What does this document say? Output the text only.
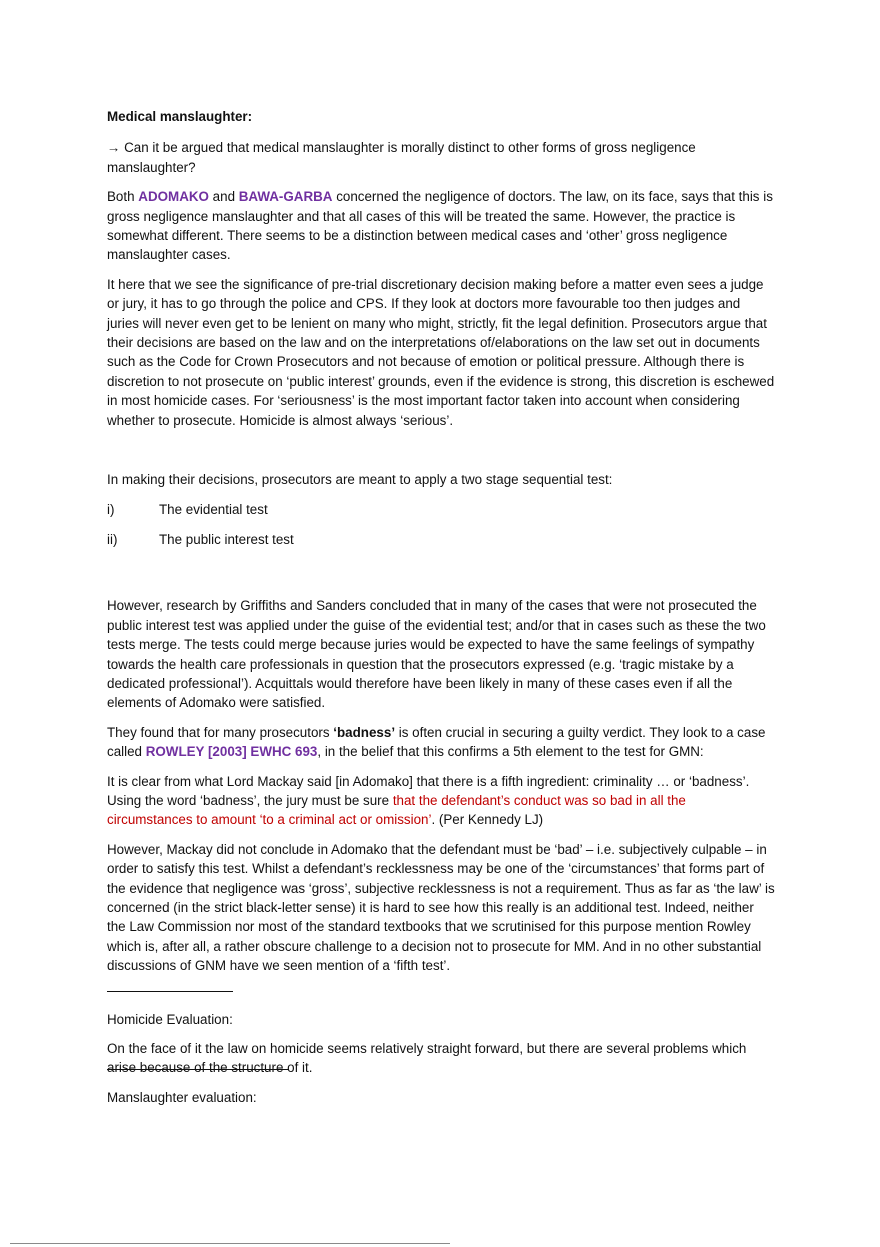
Medical manslaughter:

→ Can it be argued that medical manslaughter is morally distinct to other forms of gross negligence manslaughter?

Both ADOMAKO and BAWA-GARBA concerned the negligence of doctors. The law, on its face, says that this is gross negligence manslaughter and that all cases of this will be treated the same. However, the practice is somewhat different. There seems to be a distinction between medical cases and ‘other’ gross negligence manslaughter cases.

It here that we see the significance of pre-trial discretionary decision making before a matter even sees a judge or jury, it has to go through the police and CPS. If they look at doctors more favourable too then judges and juries will never even get to be lenient on many who might, strictly, fit the legal definition. Prosecutors argue that their decisions are based on the law and on the interpretations of/elaborations on the law set out in documents such as the Code for Crown Prosecutors and not because of emotion or political pressure. Although there is discretion to not prosecute on ‘public interest’ grounds, even if the evidence is strong, this discretion is eschewed in most homicide cases. For ‘seriousness’ is the most important factor taken into account when considering whether to prosecute. Homicide is almost always ‘serious’.

In making their decisions, prosecutors are meant to apply a two stage sequential test:

i)	The evidential test
ii)	The public interest test

However, research by Grifﬁths and Sanders concluded that in many of the cases that were not prosecuted the public interest test was applied under the guise of the evidential test; and/or that in cases such as these the two tests merge. The tests could merge because juries would be expected to have the same feelings of sympathy towards the health care professionals in question that the prosecutors expressed (e.g. ‘tragic mistake by a dedicated professional’). Acquittals would therefore have been likely in many of these cases even if all the elements of Adomako were satisfied.

They found that for many prosecutors ‘badness’ is often crucial in securing a guilty verdict. They look to a case called ROWLEY [2003] EWHC 693, in the belief that this confirms a 5th element to the test for GMN:

It is clear from what Lord Mackay said [in Adomako] that there is a fifth ingredient: criminality … or ‘badness’. Using the word ‘badness’, the jury must be sure that the defendant’s conduct was so bad in all the circumstances to amount ‘to a criminal act or omission’. (Per Kennedy LJ)

However, Mackay did not conclude in Adomako that the defendant must be ‘bad’ – i.e. subjectively culpable – in order to satisfy this test. Whilst a defendant’s recklessness may be one of the ‘circumstances’ that forms part of the evidence that negligence was ‘gross’, subjective recklessness is not a requirement. Thus as far as ‘the law’ is concerned (in the strict black-letter sense) it is hard to see how this really is an additional test. Indeed, neither the Law Commission nor most of the standard textbooks that we scrutinised for this purpose mention Rowley which is, after all, a rather obscure challenge to a decision not to prosecute for MM. And in no other substantial discussions of GNM have we seen mention of a ‘fifth test’.

Homicide Evaluation:

On the face of it the law on homicide seems relatively straight forward, but there are several problems which arise because of the structure of it.

Manslaughter evaluation:

........
